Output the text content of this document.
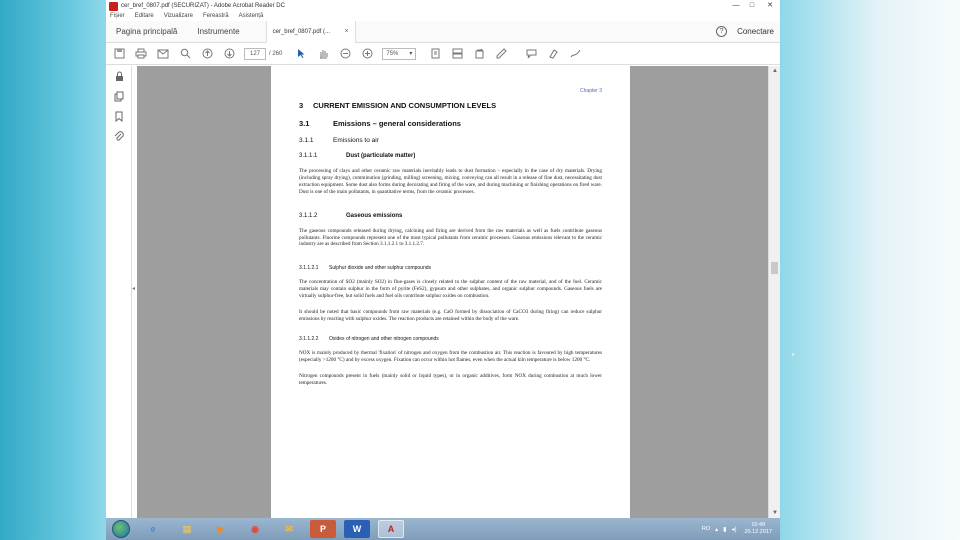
cer_bref_0807.pdf (SECURIZAT) - Adobe Acrobat Reader DC	—	□	✕
Fișier Editare Vizualizare Fereastră Asistență
Pagina principală	Instrumente	cer_bref_0807.pdf (... ×	?	Conectare
127	/ 260	75% ▾
◂
Chapter 3
3	CURRENT EMISSION AND CONSUMPTION LEVELS
3.1	Emissions – general considerations
3.1.1	Emissions to air
3.1.1.1	Dust (particulate matter)

The processing of clays and other ceramic raw materials inevitably leads to dust formation – especially in the case of dry materials. Drying (including spray drying), comminution (grinding, milling) screening, mixing, conveying can all result in a release of fine dust, necessitating dust extraction equipment. Some dust also forms during decorating and firing of the ware, and during machining or finishing operations on fired ware. Dust is one of the main pollutants, in quantitative terms, from the ceramic processes.

3.1.1.2	Gaseous emissions

The gaseous compounds released during drying, calcining and firing are derived from the raw materials as well as fuels contribute gaseous pollutants. Fluorine compounds represent one of the most typical pollutants from ceramic processes. Gaseous emissions relevant to the ceramic industry are as described from Section 3.1.1.2.1 to 3.1.1.2.7.

3.1.1.2.1	Sulphur dioxide and other sulphur compounds

The concentration of SO2 (mainly SO2) in flue-gases is closely related to the sulphur content of the raw material, and of the fuel. Ceramic materials may contain sulphur in the form of pyrite (FeS2), gypsum and other sulphates, and organic sulphur compounds. Gaseous fuels are virtually sulphur-free, but solid fuels and fuel oils contribute sulphur oxides on combustion.

It should be noted that basic compounds from raw materials (e.g. CaO formed by dissociation of CaCO3 during firing) can reduce sulphur emissions by reacting with sulphur oxides. The reaction products are retained within the body of the ware.

3.1.1.2.2	Oxides of nitrogen and other nitrogen compounds

NOX is mainly produced by thermal 'fixation' of nitrogen and oxygen from the combustion air. This reaction is favoured by high temperatures (especially >1200 °C) and by excess oxygen. Fixation can occur within hot flames, even when the actual kiln temperature is below 1200 °C.

Nitrogen compounds present in fuels (mainly solid or liquid types), or in organic additives, form NOX during combustion at much lower temperatures.

▸
▲
▼
e	▤	▶	◉	✉	P	W	A	RO ▴ ▮ ◂)
10:49
20.12.2017
